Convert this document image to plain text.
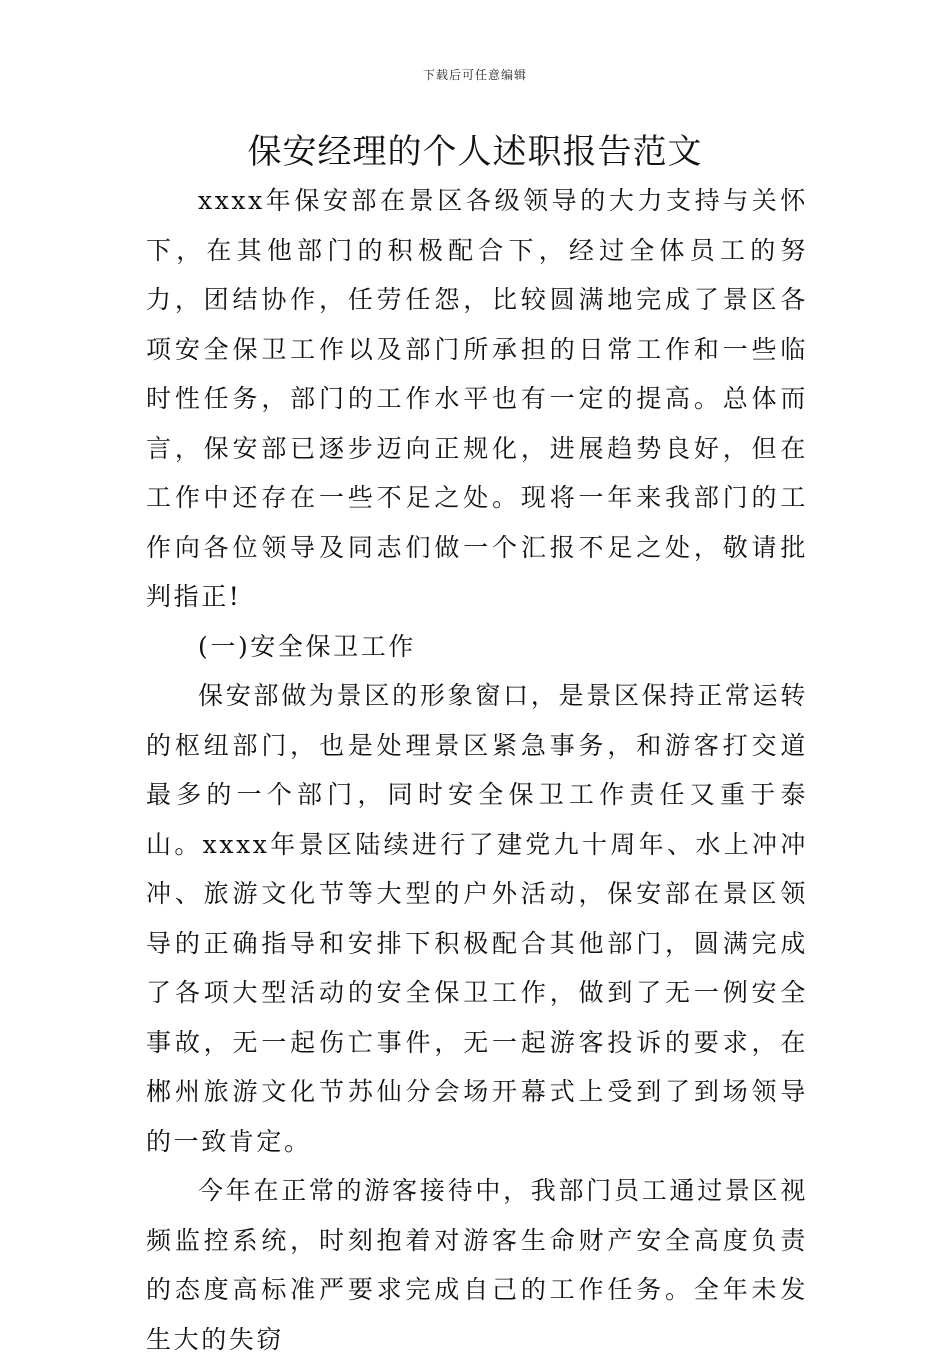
下载后可任意编辑
保安经理的个人述职报告范文

xxxx年保安部在景区各级领导的大力支持与关怀下，在其他部门的积极配合下，经过全体员工的努力，团结协作，任劳任怨，比较圆满地完成了景区各项安全保卫工作以及部门所承担的日常工作和一些临时性任务，部门的工作水平也有一定的提高。总体而言，保安部已逐步迈向正规化，进展趋势良好，但在工作中还存在一些不足之处。现将一年来我部门的工作向各位领导及同志们做一个汇报不足之处，敬请批判指正!

(一)安全保卫工作

保安部做为景区的形象窗口，是景区保持正常运转的枢纽部门，也是处理景区紧急事务，和游客打交道最多的一个部门，同时安全保卫工作责任又重于泰山。xxxx年景区陆续进行了建党九十周年、水上冲冲冲、旅游文化节等大型的户外活动，保安部在景区领导的正确指导和安排下积极配合其他部门，圆满完成了各项大型活动的安全保卫工作，做到了无一例安全事故，无一起伤亡事件，无一起游客投诉的要求，在郴州旅游文化节苏仙分会场开幕式上受到了到场领导的一致肯定。

今年在正常的游客接待中，我部门员工通过景区视频监控系统，时刻抱着对游客生命财产安全高度负责的态度高标准严要求完成自己的工作任务。全年未发生大的失窃
